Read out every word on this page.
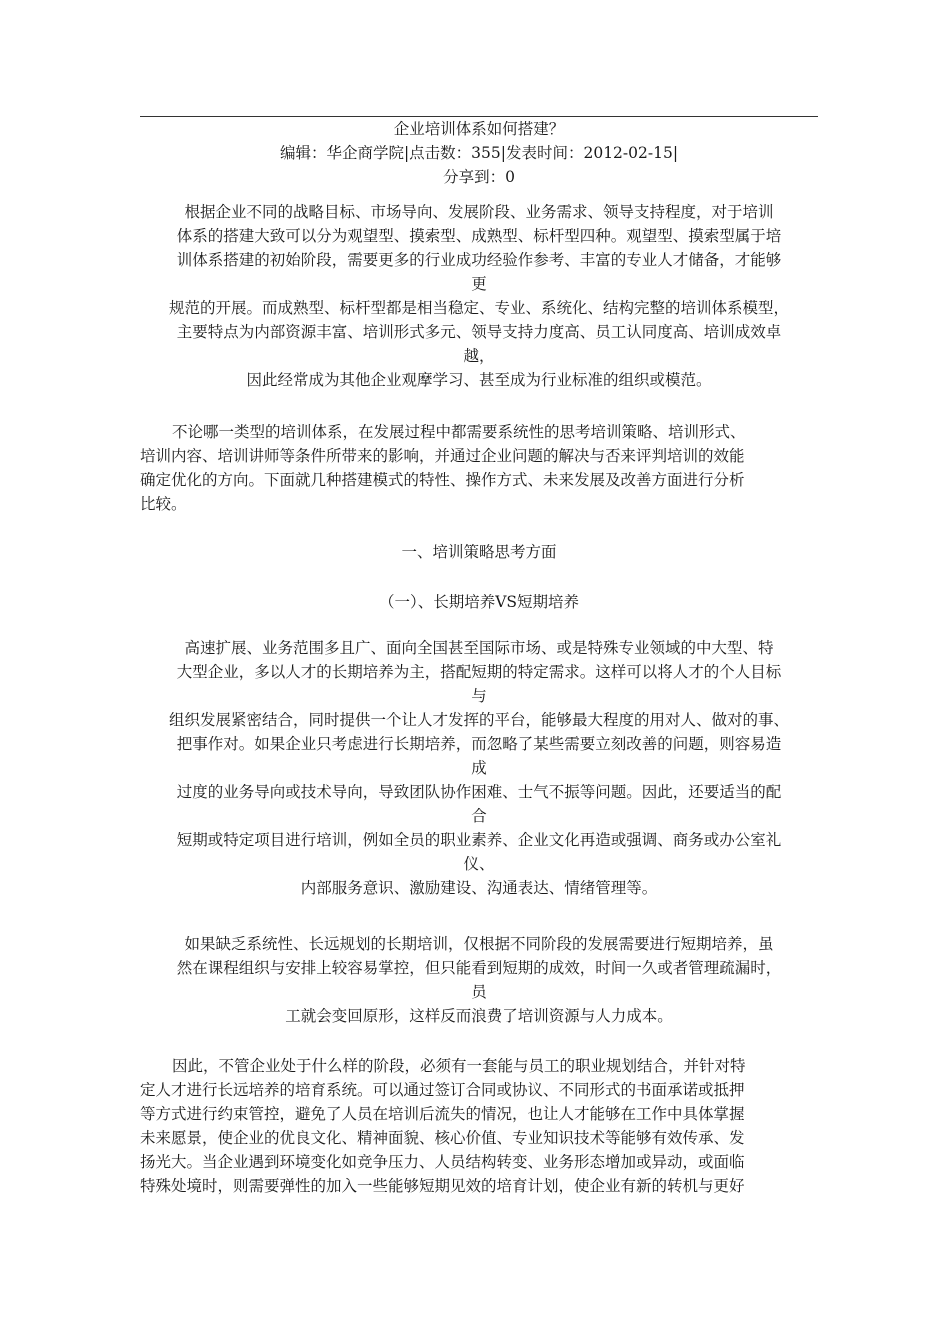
企业培训体系如何搭建？
编辑：华企商学院|点击数：355|发表时间：2012-02-15|
分享到：0
根据企业不同的战略目标、市场导向、发展阶段、业务需求、领导支持程度，对于培训
体系的搭建大致可以分为观望型、摸索型、成熟型、标杆型四种。观望型、摸索型属于培
训体系搭建的初始阶段，需要更多的行业成功经验作参考、丰富的专业人才储备，才能够
更
规范的开展。而成熟型、标杆型都是相当稳定、专业、系统化、结构完整的培训体系模型，
主要特点为内部资源丰富、培训形式多元、领导支持力度高、员工认同度高、培训成效卓
越，
因此经常成为其他企业观摩学习、甚至成为行业标准的组织或模范。
不论哪一类型的培训体系，在发展过程中都需要系统性的思考培训策略、培训形式、
培训内容、培训讲师等条件所带来的影响，并通过企业问题的解决与否来评判培训的效能
确定优化的方向。下面就几种搭建模式的特性、操作方式、未来发展及改善方面进行分析
比较。
一、培训策略思考方面
（一）、长期培养VS短期培养
高速扩展、业务范围多且广、面向全国甚至国际市场、或是特殊专业领域的中大型、特
大型企业，多以人才的长期培养为主，搭配短期的特定需求。这样可以将人才的个人目标
与
组织发展紧密结合，同时提供一个让人才发挥的平台，能够最大程度的用对人、做对的事、
把事作对。如果企业只考虑进行长期培养，而忽略了某些需要立刻改善的问题，则容易造
成
过度的业务导向或技术导向，导致团队协作困难、士气不振等问题。因此，还要适当的配
合
短期或特定项目进行培训，例如全员的职业素养、企业文化再造或强调、商务或办公室礼
仪、
内部服务意识、激励建设、沟通表达、情绪管理等。
如果缺乏系统性、长远规划的长期培训，仅根据不同阶段的发展需要进行短期培养，虽
然在课程组织与安排上较容易掌控，但只能看到短期的成效，时间一久或者管理疏漏时，
员
工就会变回原形，这样反而浪费了培训资源与人力成本。
因此，不管企业处于什么样的阶段，必须有一套能与员工的职业规划结合，并针对特
定人才进行长远培养的培育系统。可以通过签订合同或协议、不同形式的书面承诺或抵押
等方式进行约束管控，避免了人员在培训后流失的情况，也让人才能够在工作中具体掌握
未来愿景，使企业的优良文化、精神面貌、核心价值、专业知识技术等能够有效传承、发
扬光大。当企业遇到环境变化如竞争压力、人员结构转变、业务形态增加或异动，或面临
特殊处境时，则需要弹性的加入一些能够短期见效的培育计划，使企业有新的转机与更好
